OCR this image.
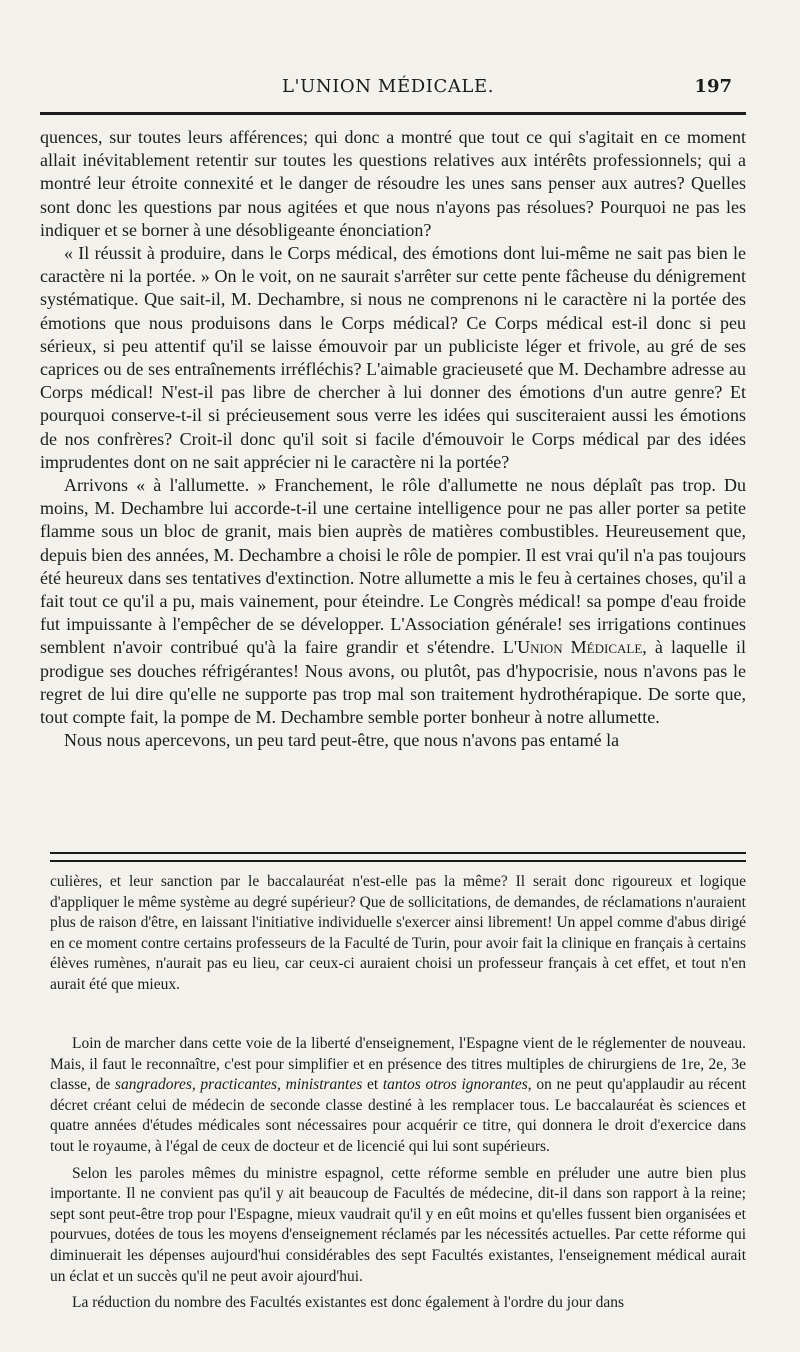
L'UNION MÉDICALE.	197

quences, sur toutes leurs afférences; qui donc a montré que tout ce qui s'agitait en ce moment allait inévitablement retentir sur toutes les questions relatives aux intérêts professionnels; qui a montré leur étroite connexité et le danger de résoudre les unes sans penser aux autres? Quelles sont donc les questions par nous agitées et que nous n'ayons pas résolues? Pourquoi ne pas les indiquer et se borner à une désobligeante énonciation?

« Il réussit à produire, dans le Corps médical, des émotions dont lui-même ne sait pas bien le caractère ni la portée. » On le voit, on ne saurait s'arrêter sur cette pente fâcheuse du dénigrement systématique. Que sait-il, M. Dechambre, si nous ne comprenons ni le caractère ni la portée des émotions que nous produisons dans le Corps médical? Ce Corps médical est-il donc si peu sérieux, si peu attentif qu'il se laisse émouvoir par un publiciste léger et frivole, au gré de ses caprices ou de ses entraînements irréfléchis? L'aimable gracieuseté que M. Dechambre adresse au Corps médical! N'est-il pas libre de chercher à lui donner des émotions d'un autre genre? Et pourquoi conserve-t-il si précieusement sous verre les idées qui susciteraient aussi les émotions de nos confrères? Croit-il donc qu'il soit si facile d'émouvoir le Corps médical par des idées imprudentes dont on ne sait apprécier ni le caractère ni la portée?

Arrivons « à l'allumette. » Franchement, le rôle d'allumette ne nous déplaît pas trop. Du moins, M. Dechambre lui accorde-t-il une certaine intelligence pour ne pas aller porter sa petite flamme sous un bloc de granit, mais bien auprès de matières combustibles. Heureusement que, depuis bien des années, M. Dechambre a choisi le rôle de pompier. Il est vrai qu'il n'a pas toujours été heureux dans ses tentatives d'extinction. Notre allumette a mis le feu à certaines choses, qu'il a fait tout ce qu'il a pu, mais vainement, pour éteindre. Le Congrès médical! sa pompe d'eau froide fut impuissante à l'empêcher de se développer. L'Association générale! ses irrigations continues semblent n'avoir contribué qu'à la faire grandir et s'étendre. L'Union Médicale, à laquelle il prodigue ses douches réfrigérantes! Nous avons, ou plutôt, pas d'hypocrisie, nous n'avons pas le regret de lui dire qu'elle ne supporte pas trop mal son traitement hydrothérapique. De sorte que, tout compte fait, la pompe de M. Dechambre semble porter bonheur à notre allumette.

Nous nous apercevons, un peu tard peut-être, que nous n'avons pas entamé la

culières, et leur sanction par le baccalauréat n'est-elle pas la même? Il serait donc rigoureux et logique d'appliquer le même système au degré supérieur? Que de sollicitations, de demandes, de réclamations n'auraient plus de raison d'être, en laissant l'initiative individuelle s'exercer ainsi librement! Un appel comme d'abus dirigé en ce moment contre certains professeurs de la Faculté de Turin, pour avoir fait la clinique en français à certains élèves rumènes, n'aurait pas eu lieu, car ceux-ci auraient choisi un professeur français à cet effet, et tout n'en aurait été que mieux.

Loin de marcher dans cette voie de la liberté d'enseignement, l'Espagne vient de le réglementer de nouveau. Mais, il faut le reconnaître, c'est pour simplifier et en présence des titres multiples de chirurgiens de 1re, 2e, 3e classe, de sangradores, practicantes, ministrantes et tantos otros ignorantes, on ne peut qu'applaudir au récent décret créant celui de médecin de seconde classe destiné à les remplacer tous. Le baccalauréat ès sciences et quatre années d'études médicales sont nécessaires pour acquérir ce titre, qui donnera le droit d'exercice dans tout le royaume, à l'égal de ceux de docteur et de licencié qui lui sont supérieurs.

Selon les paroles mêmes du ministre espagnol, cette réforme semble en préluder une autre bien plus importante. Il ne convient pas qu'il y ait beaucoup de Facultés de médecine, dit-il dans son rapport à la reine; sept sont peut-être trop pour l'Espagne, mieux vaudrait qu'il y en eût moins et qu'elles fussent bien organisées et pourvues, dotées de tous les moyens d'enseignement réclamés par les nécessités actuelles. Par cette réforme qui diminuerait les dépenses aujourd'hui considérables des sept Facultés existantes, l'enseignement médical aurait un éclat et un succès qu'il ne peut avoir ajourd'hui.

La réduction du nombre des Facultés existantes est donc également à l'ordre du jour dans
